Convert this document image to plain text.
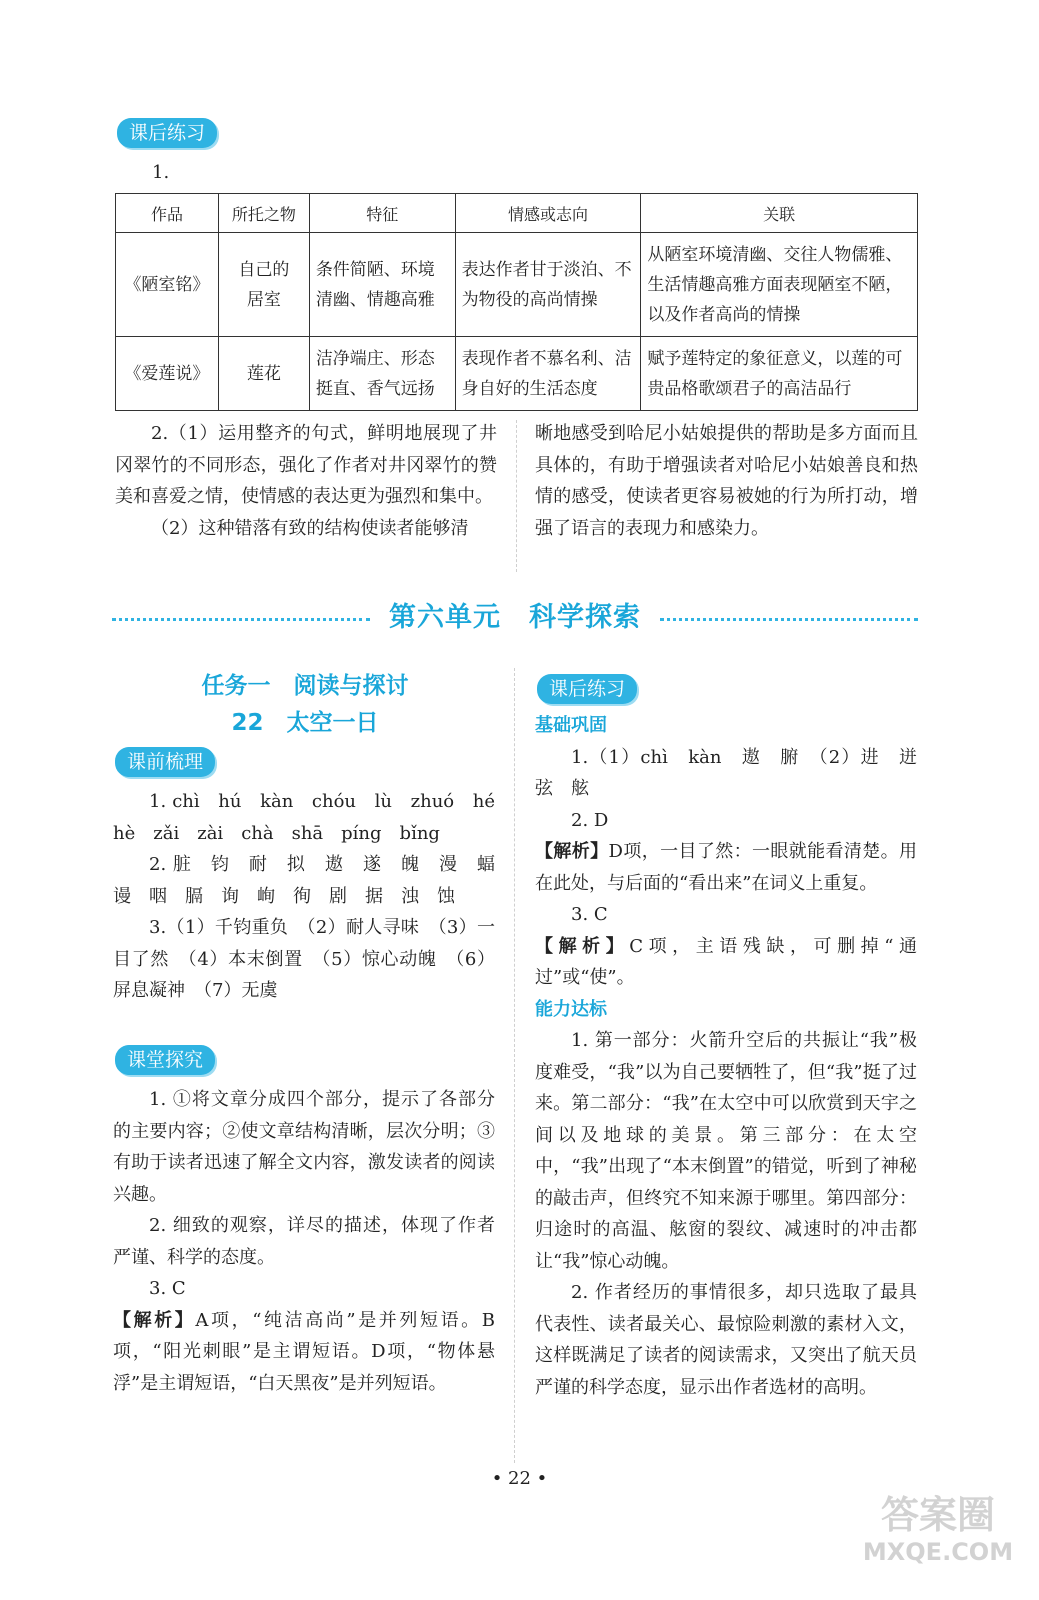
课后练习
1.
作品	所托之物	特征	情感或志向	关联
《陋室铭》	自己的居室	条件简陋、环境清幽、情趣高雅	表达作者甘于淡泊、不为物役的高尚情操	从陋室环境清幽、交往人物儒雅、生活情趣高雅方面表现陋室不陋，以及作者高尚的情操
《爱莲说》	莲花	洁净端庄、形态挺直、香气远扬	表现作者不慕名利、洁身自好的生活态度	赋予莲特定的象征意义，以莲的可贵品格歌颂君子的高洁品行

2.（1）运用整齐的句式，鲜明地展现了井冈翠竹的不同形态，强化了作者对井冈翠竹的赞美和喜爱之情，使情感的表达更为强烈和集中。

（2）这种错落有致的结构使读者能够清

晰地感受到哈尼小姑娘提供的帮助是多方面而且具体的，有助于增强读者对哈尼小姑娘善良和热情的感受，使读者更容易被她的行为所打动，增强了语言的表现力和感染力。

第六单元　科学探索
任务一　阅读与探讨
22　太空一日
课前梳理

1. chì　hú　kàn　chóu　lù　zhuó　hé　hè　zǎi　zài　chà　shā　píng　bǐng

2. 脏　钧　耐　拟　遨　遂　魄　漫　蝠　谩　咽　膈　询　峋　徇　剧　据　浊　蚀

3.（1）千钧重负　（2）耐人寻味　（3）一目了然　（4）本末倒置　（5）惊心动魄　（6）屏息凝神　（7）无虞

课堂探究

1. ①将文章分成四个部分，提示了各部分的主要内容；②使文章结构清晰，层次分明；③有助于读者迅速了解全文内容，激发读者的阅读兴趣。

2. 细致的观察，详尽的描述，体现了作者严谨、科学的态度。

3. C

【解析】A项，“纯洁高尚”是并列短语。B项，“阳光刺眼”是主谓短语。D项，“物体悬浮”是主谓短语，“白天黑夜”是并列短语。

课后练习

基础巩固

1.（1）chì　kàn　遨　腑　（2）进　迸　弦　舷

2. D

【解析】D项，一目了然：一眼就能看清楚。用在此处，与后面的“看出来”在词义上重复。

3. C

【解析】C项，主语残缺，可删掉“通过”或“使”。

能力达标

1. 第一部分：火箭升空后的共振让“我”极度难受，“我”以为自己要牺牲了，但“我”挺了过来。第二部分：“我”在太空中可以欣赏到天宇之间以及地球的美景。第三部分：在太空中，“我”出现了“本末倒置”的错觉，听到了神秘的敲击声，但终究不知来源于哪里。第四部分：归途时的高温、舷窗的裂纹、减速时的冲击都让“我”惊心动魄。

2. 作者经历的事情很多，却只选取了最具代表性、读者最关心、最惊险刺激的素材入文，这样既满足了读者的阅读需求，又突出了航天员严谨的科学态度，显示出作者选材的高明。

• 22 •
答案圈
MXQE.COM
